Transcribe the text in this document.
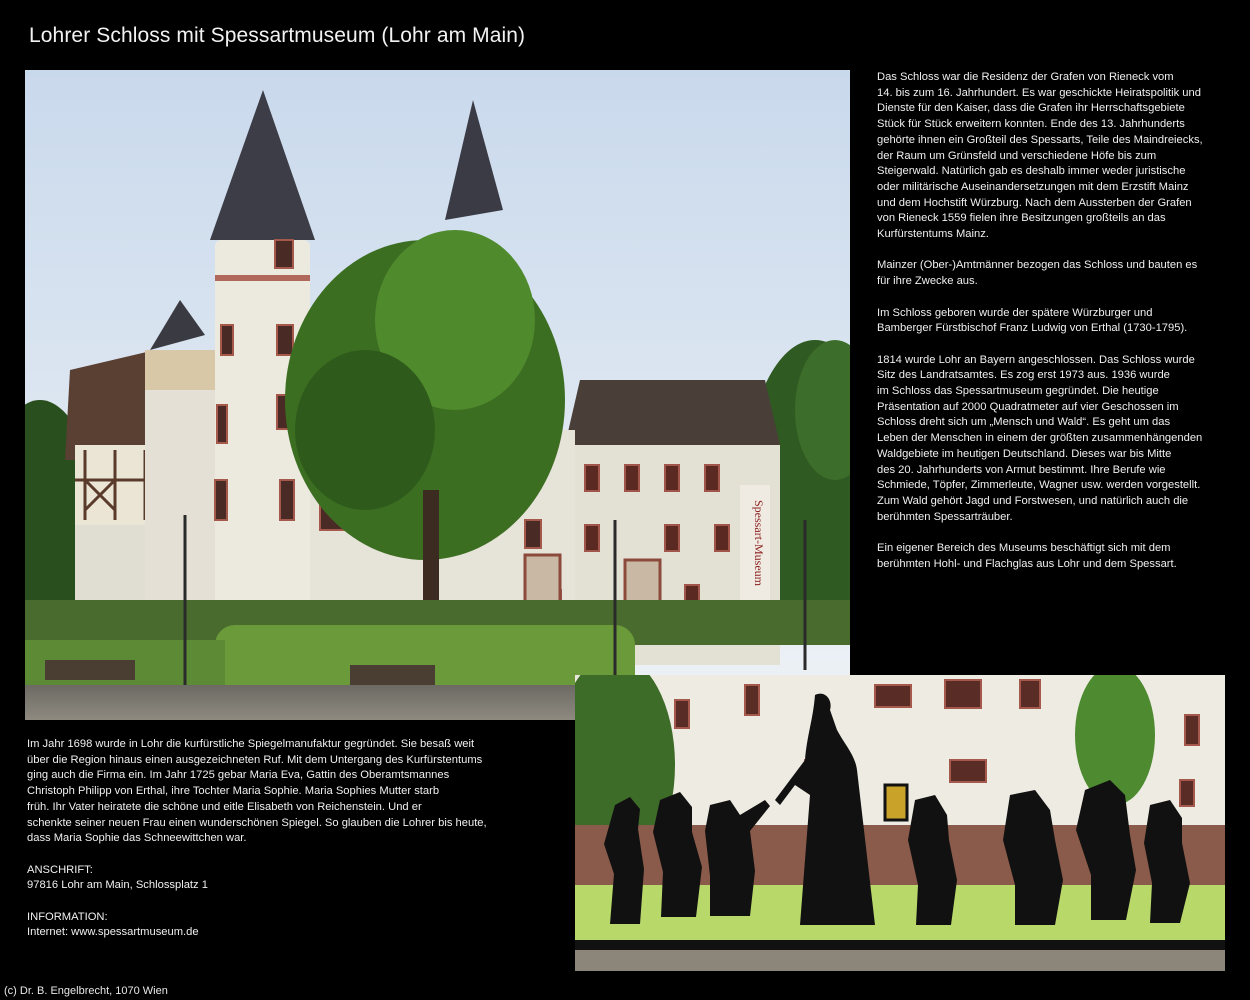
Lohrer Schloss mit Spessartmuseum (Lohr am Main)
Spessart-Museum

Das Schloss war die Residenz der Grafen von Rieneck vom
14. bis zum 16. Jahrhundert. Es war geschickte Heiratspolitik und
Dienste für den Kaiser, dass die Grafen ihr Herrschaftsgebiete
Stück für Stück erweitern konnten. Ende des 13. Jahrhunderts
gehörte ihnen ein Großteil des Spessarts, Teile des Maindreiecks,
der Raum um Grünsfeld und verschiedene Höfe bis zum
Steigerwald. Natürlich gab es deshalb immer weder juristische
oder militärische Auseinandersetzungen mit dem Erzstift Mainz
und dem Hochstift Würzburg. Nach dem Aussterben der Grafen
von Rieneck 1559 fielen ihre Besitzungen großteils an das
Kurfürstentums Mainz.

Mainzer (Ober-)Amtmänner bezogen das Schloss und bauten es
für ihre Zwecke aus.

Im Schloss geboren wurde der spätere Würzburger und
Bamberger Fürstbischof Franz Ludwig von Erthal (1730-1795).

1814 wurde Lohr an Bayern angeschlossen. Das Schloss wurde
Sitz des Landratsamtes. Es zog erst 1973 aus. 1936 wurde
im Schloss das Spessartmuseum gegründet. Die heutige
Präsentation auf 2000 Quadratmeter auf vier Geschossen im
Schloss dreht sich um „Mensch und Wald“. Es geht um das
Leben der Menschen in einem der größten zusammenhängenden
Waldgebiete im heutigen Deutschland. Dieses war bis Mitte
des 20. Jahrhunderts von Armut bestimmt. Ihre Berufe wie
Schmiede, Töpfer, Zimmerleute, Wagner usw. werden vorgestellt.
Zum Wald gehört Jagd und Forstwesen, und natürlich auch die
berühmten Spessarträuber.

Ein eigener Bereich des Museums beschäftigt sich mit dem
berühmten Hohl- und Flachglas aus Lohr und dem Spessart.

Im Jahr 1698 wurde in Lohr die kurfürstliche Spiegelmanufaktur gegründet. Sie besaß weit
über die Region hinaus einen ausgezeichneten Ruf. Mit dem Untergang des Kurfürstentums
ging auch die Firma ein. Im Jahr 1725 gebar Maria Eva, Gattin des Oberamtsmannes
Christoph Philipp von Erthal, ihre Tochter Maria Sophie. Maria Sophies Mutter starb
früh. Ihr Vater heiratete die schöne und eitle Elisabeth von Reichenstein. Und er
schenkte seiner neuen Frau einen wunderschönen Spiegel. So glauben die Lohrer bis heute,
dass Maria Sophie das Schneewittchen war.

ANSCHRIFT:
97816 Lohr am Main, Schlossplatz 1
INFORMATION:
Internet: www.spessartmuseum.de
(c) Dr. B. Engelbrecht, 1070 Wien
